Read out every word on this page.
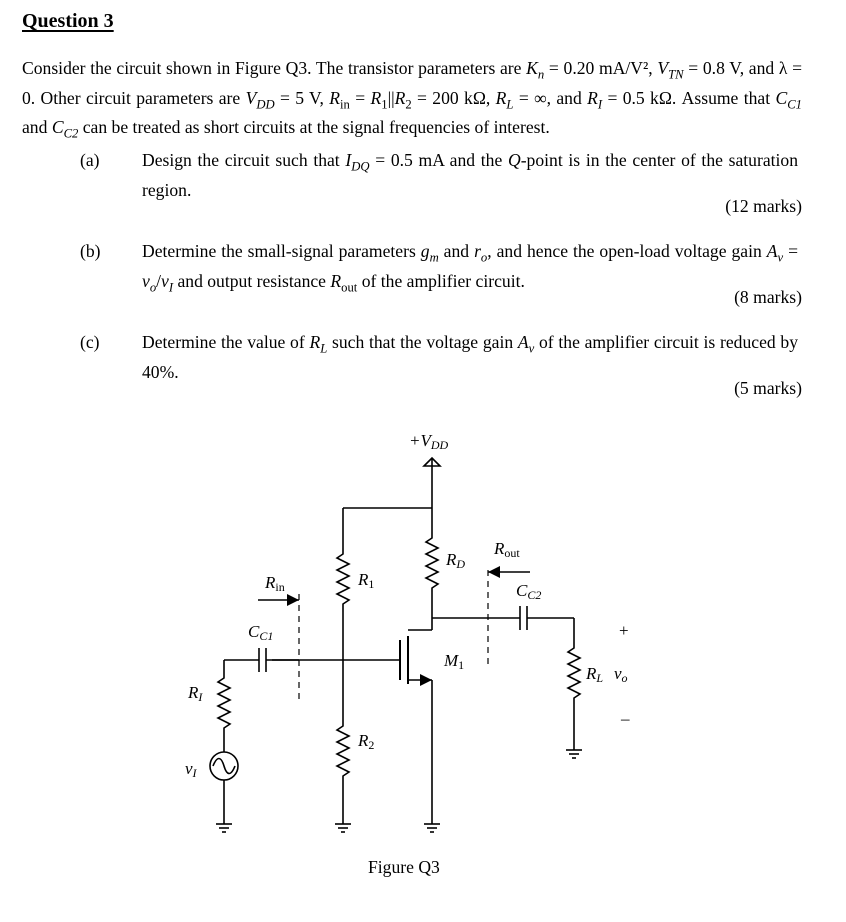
Question 3
Consider the circuit shown in Figure Q3. The transistor parameters are $K_n = 0.20$ mA/V², $V_{TN} = 0.8$ V, and λ = 0. Other circuit parameters are $V_{DD} = 5$ V, $R_{in} = R_1||R_2 = 200$ kΩ, $R_L$ = ∞, and $R_I = 0.5$ kΩ. Assume that $C_{C1}$ and $C_{C2}$ can be treated as short circuits at the signal frequencies of interest.
(a) Design the circuit such that $I_{DQ} = 0.5$ mA and the Q-point is in the center of the saturation region.
(12 marks)
(b) Determine the small-signal parameters $g_m$ and $r_o$, and hence the open-load voltage gain $A_v = v_o/v_I$ and output resistance $R_{out}$ of the amplifier circuit.
(8 marks)
(c) Determine the value of $R_L$ such that the voltage gain $A_v$ of the amplifier circuit is reduced by 40%.
(5 marks)
+VDD
R1
RD
Rout
CC2
RL
+
vo
–
M1
R2
Rin
CC1
RI
vI
Figure Q3
